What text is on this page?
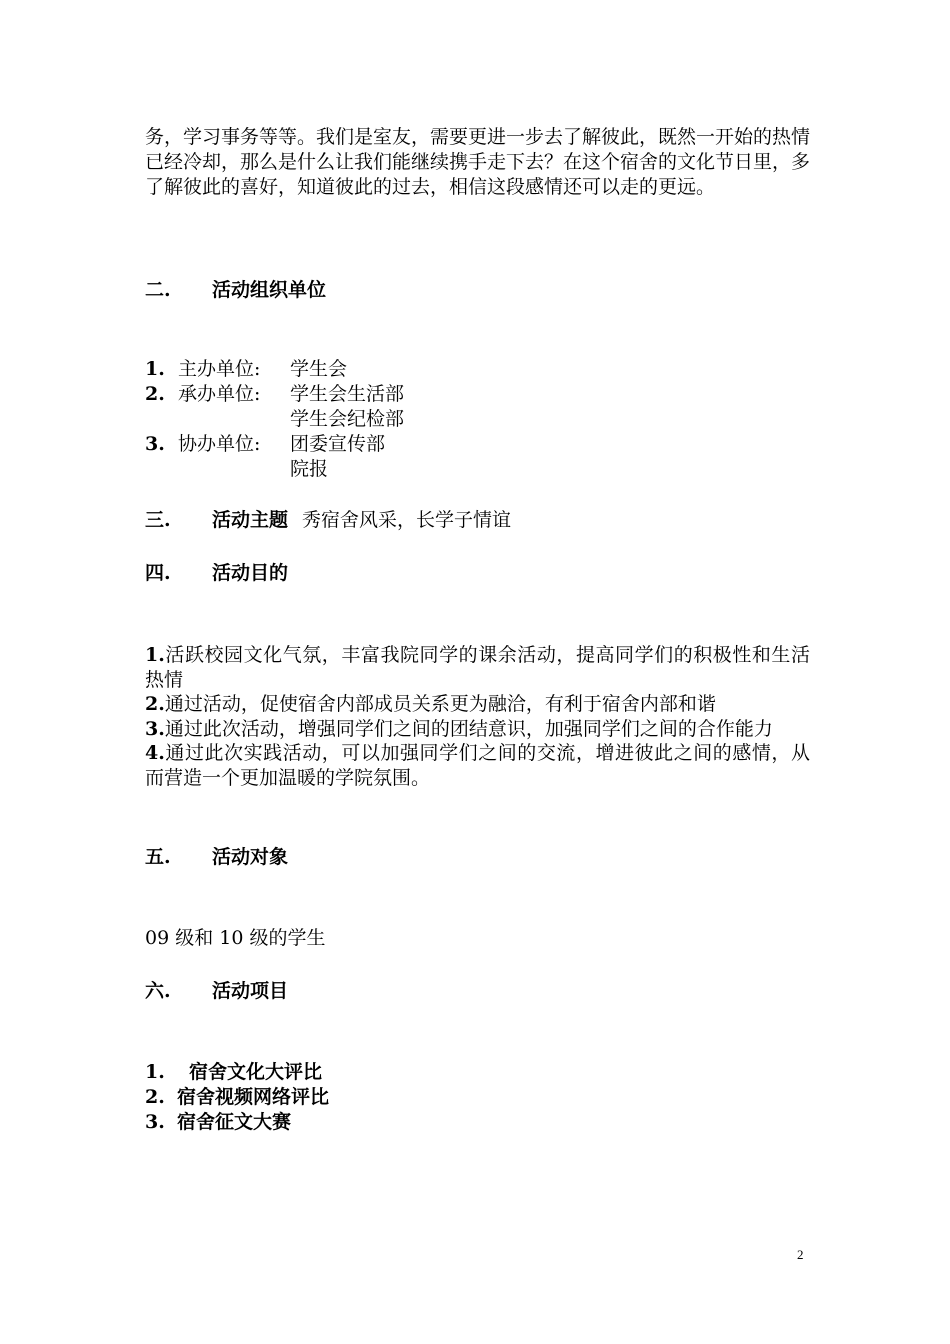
务，学习事务等等。我们是室友，需要更进一步去了解彼此，既然一开始的热情已经冷却，那么是什么让我们能继续携手走下去？在这个宿舍的文化节日里，多了解彼此的喜好，知道彼此的过去，相信这段感情还可以走的更远。
二. 活动组织单位
1. 主办单位:	学生会
2. 承办单位:	学生会生活部
学生会纪检部
3. 协办单位:	团委宣传部
院报
三. 活动主题 秀宿舍风采，长学子情谊
四. 活动目的
1.活跃校园文化气氛，丰富我院同学的课余活动，提高同学们的积极性和生活热情
2.通过活动，促使宿舍内部成员关系更为融洽，有利于宿舍内部和谐
3.通过此次活动，增强同学们之间的团结意识，加强同学们之间的合作能力
4.通过此次实践活动，可以加强同学们之间的交流，增进彼此之间的感情，从而营造一个更加温暖的学院氛围。
五. 活动对象
09 级和 10 级的学生
六. 活动项目
1. 宿舍文化大评比
2. 宿舍视频网络评比
3. 宿舍征文大赛
2
